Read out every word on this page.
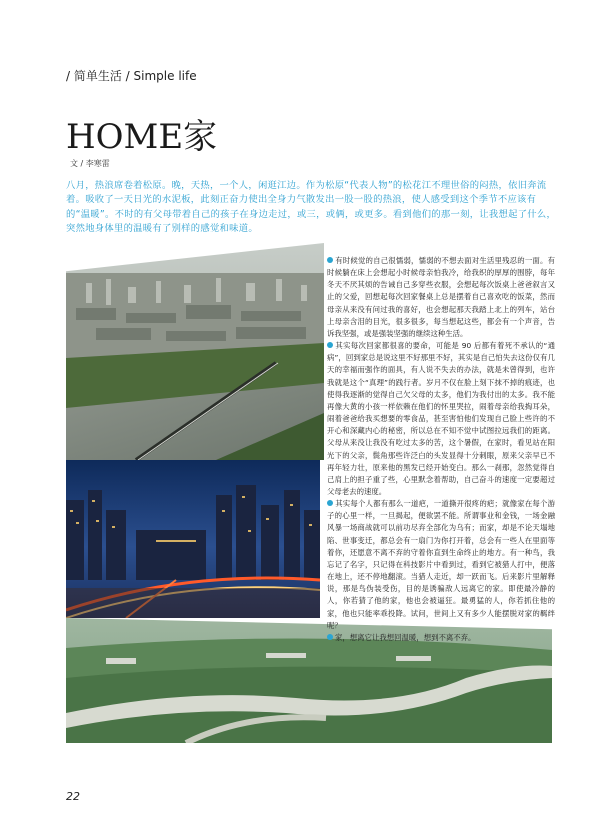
/ 简单生活 / Simple life
HOME家
文 / 李寒雷

八月，热浪席卷着松原。晚，天热，一个人，闲逛江边。作为松原“代表人物”的松花江不理世俗的闷热，依旧奔流着。吸收了一天日光的水泥板，此刻正奋力使出全身力气散发出一股一股的热浪，使人感受到这个季节不应该有的“温暖”。不时的有父母带着自己的孩子在身边走过，或三，或俩，或更多。看到他们的那一刻，让我想起了什么，突然地身体里的温暖有了别样的感觉和味道。

有时候觉的自己很懦弱，懦弱的不想去面对生活里残忍的一面。有时候躺在床上会想起小时候母亲怕我冷，给我织的厚厚的围脖，每年冬天不厌其烦的告诫自己多穿些衣服，会想起每次饭桌上爸爸叙言又止的父爱，回想起每次回家餐桌上总是摆着自己喜欢吃的饭菜，然而母亲从来没有问过我的喜好，也会想起那天我踏上北上的列车，站台上母亲含泪的目光，很多很多，每当想起这些，都会有一个声音，告诉我坚强，或是强装坚强的继续这种生活。

其实每次回家都很喜的要命，可能是 90 后都有着死不承认的“通病”，回到家总是说这里不好那里不好，其实是自己怕失去这份仅有几天的幸福而强作的面具，有人说不失去的办法，就是未曾得到，也许我就是这个“真理”的践行者。岁月不仅在脸上刻下抹不掉的痕迹，也使得我逐渐的觉得自己欠父母的太多，他们为我付出的太多。我不能再像大黄的小孩一样依赖在他们的怀里哭拉，闹着母亲给我掏耳朵，闹着爸爸给我买想要的零食品，甚至害怕他们发现自己脸上些许的不开心和深藏内心的秘密，所以总在不知不觉中试图拉远我们的距离。父母从来没让我没有吃过太多的苦，这个暑假，在家时，看见站在阳光下的父亲，鬓角那些许泛白的头发显得十分刺眼，原来父亲早已不再年轻力壮，原来他的黑发已经开始变白。那么一刹那，忽然觉得自己肩上的担子重了些，心里默念着帮助，自己奋斗的速度一定要超过父母老去的速度。

其实每个人都有那么一道疤，一道撕开很疼的疤；就像家在每个游子的心里一样，一旦揭起，便欲罢不能。所谓事业和金钱，一场金融风暴一场商战就可以前功尽弃全部化为乌有；而家，却是不论天塌地陷、世事变迁，都总会有一扇门为你打开着，总会有一些人在里面等着你，还愿意不离不弃的守着你直到生命终止的地方。有一种鸟，我忘记了名字，只记得在科技影片中看到过，看到它被猎人打中，便落在地上，还不停地翻滚。当猎人走近，却一跃而飞。后来影片里解释说，那是鸟伪装受伤，目的是诱骗敌人远离它的家。即使最冷静的人，你若猜了他的家，他也会被逼狂。最勇猛的人，你若抓住他的家，他也只能率乖投降。试问，世间上又有多少人能摆脱对家的羁绊呢？

家，想离它让我想回温暖，想到不离不弃。

22
